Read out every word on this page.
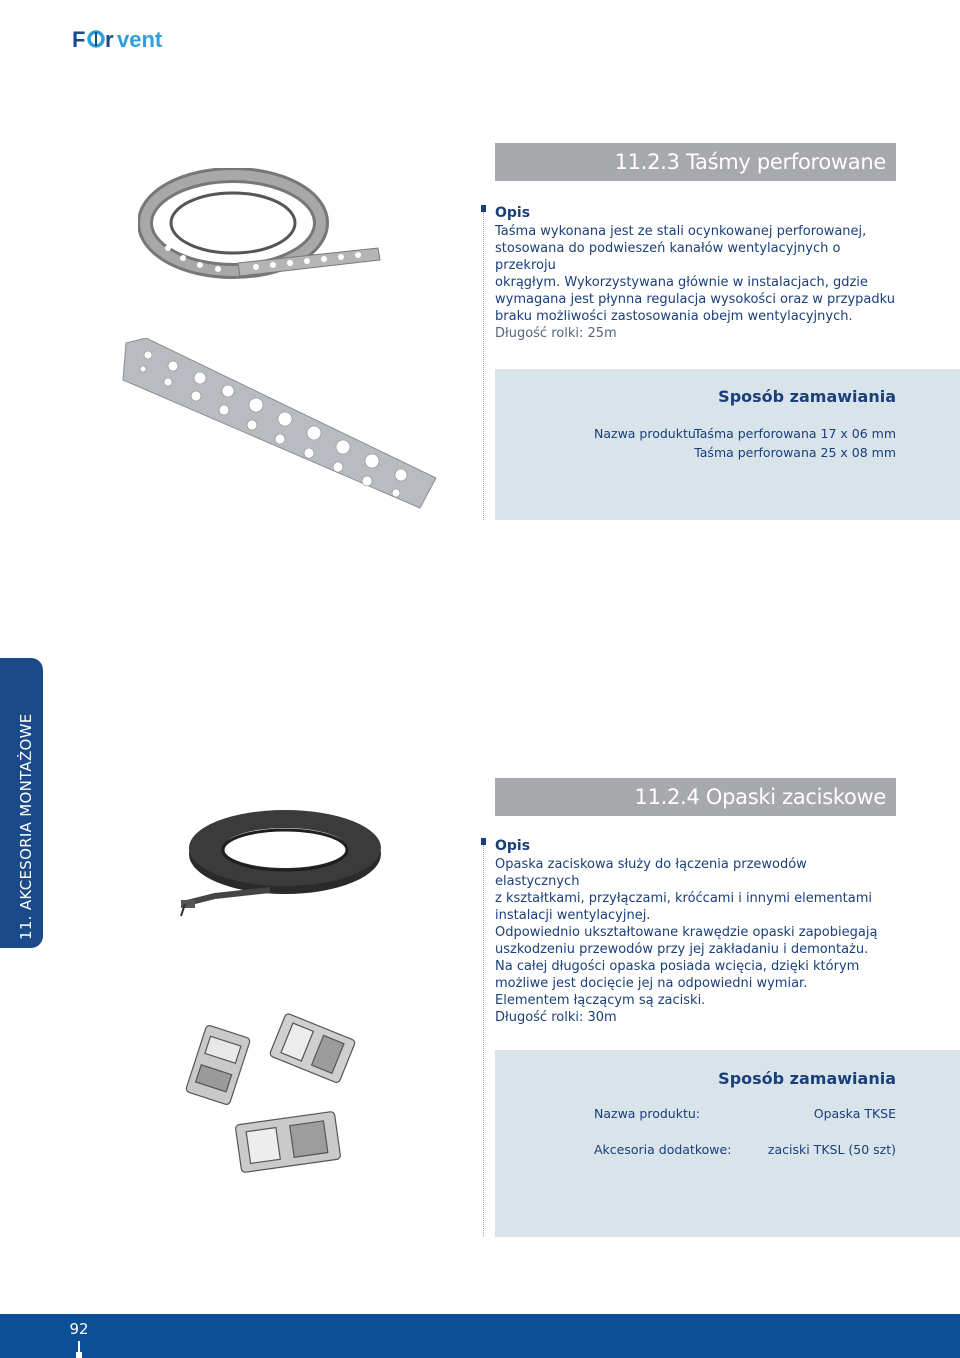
F r vent
11.2.3 Taśmy perforowane
Opis

Taśma wykonana jest ze stali ocynkowanej perforowanej,

stosowana do podwieszeń kanałów wentylacyjnych o przekroju

okrągłym. Wykorzystywana głównie w instalacjach, gdzie

wymagana jest płynna regulacja wysokości oraz w przypadku

braku możliwości zastosowania obejm wentylacyjnych.

Długość rolki: 25m

Sposób zamawiania
Nazwa produktu:
Taśma perforowana 17 x 06 mm
Taśma perforowana 25 x 08 mm
11. AKCESORIA MONTAŻOWE	11.2.4 Opaski zaciskowe
Opis

Opaska zaciskowa służy do łączenia przewodów elastycznych

z kształtkami, przyłączami, króćcami i innymi elementami

instalacji wentylacyjnej.

Odpowiednio ukształtowane krawędzie opaski zapobiegają

uszkodzeniu przewodów przy jej zakładaniu i demontażu.

Na całej długości opaska posiada wcięcia, dzięki którym

możliwe jest docięcie jej na odpowiedni wymiar.

Elementem łączącym są zaciski.

Długość rolki: 30m

Sposób zamawiania
Nazwa produktu:	Opaska TKSE
Akcesoria dodatkowe:	zaciski TKSL (50 szt)
92
